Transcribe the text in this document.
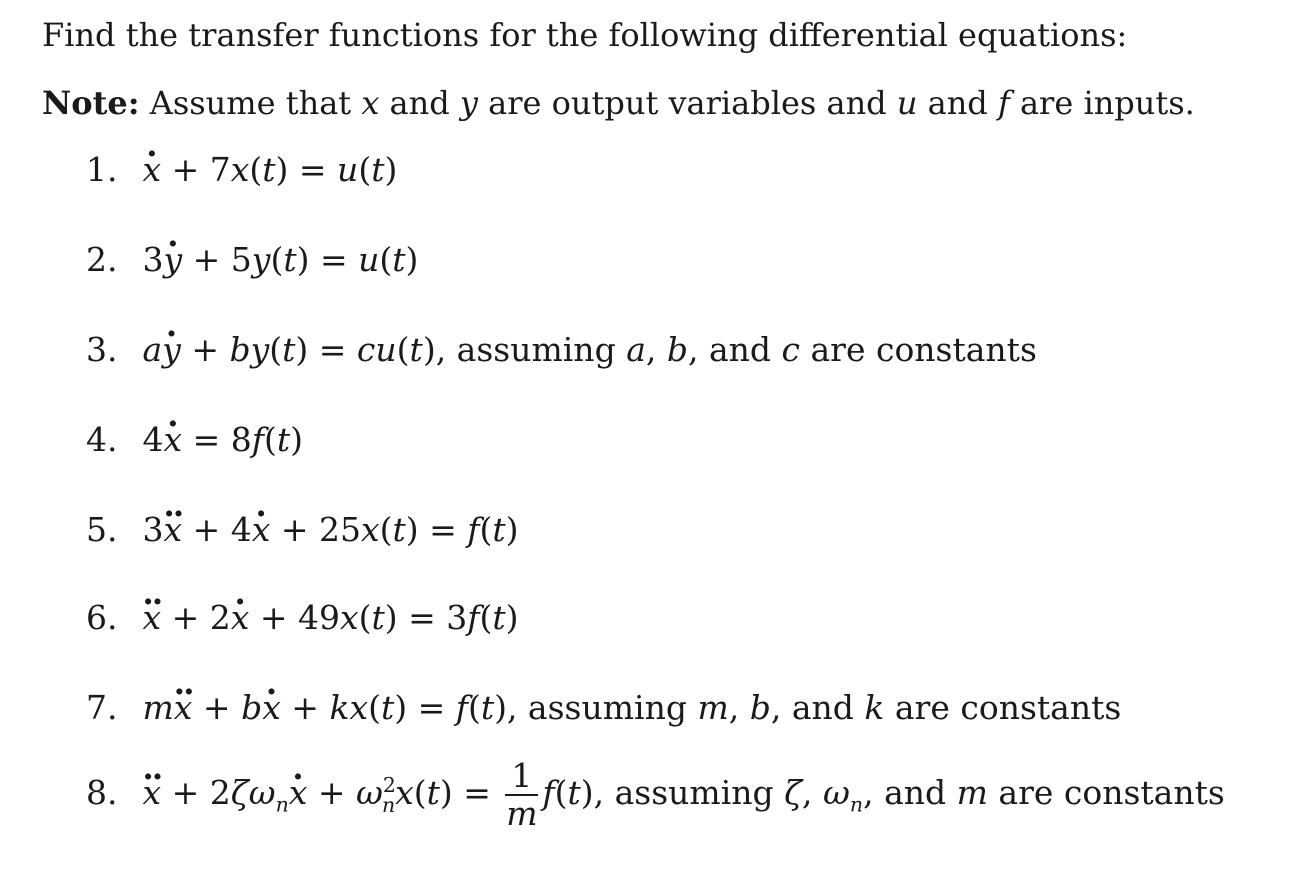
Find the transfer functions for the following differential equations:
Note: Assume that x and y are output variables and u and f are inputs.
1. · x + 7x(t) = u(t)
2. 3· y + 5y(t) = u(t)
3. a· y + by(t) = cu(t), assuming a, b, and c are constants
4. 4· x = 8f(t)
5. 3·· x + 4· x + 25x(t) = f(t)
6. ·· x + 2· x + 49x(t) = 3f(t)
7. m·· x + b· x + kx(t) = f(t), assuming m, b, and k are constants
8. ·· $x + 2\zeta\omega_n\cdot x + \omega^2_nx(t) = \frac{1}{m} f(t)$, assuming ζ, $\omega_n$, and m are constants
